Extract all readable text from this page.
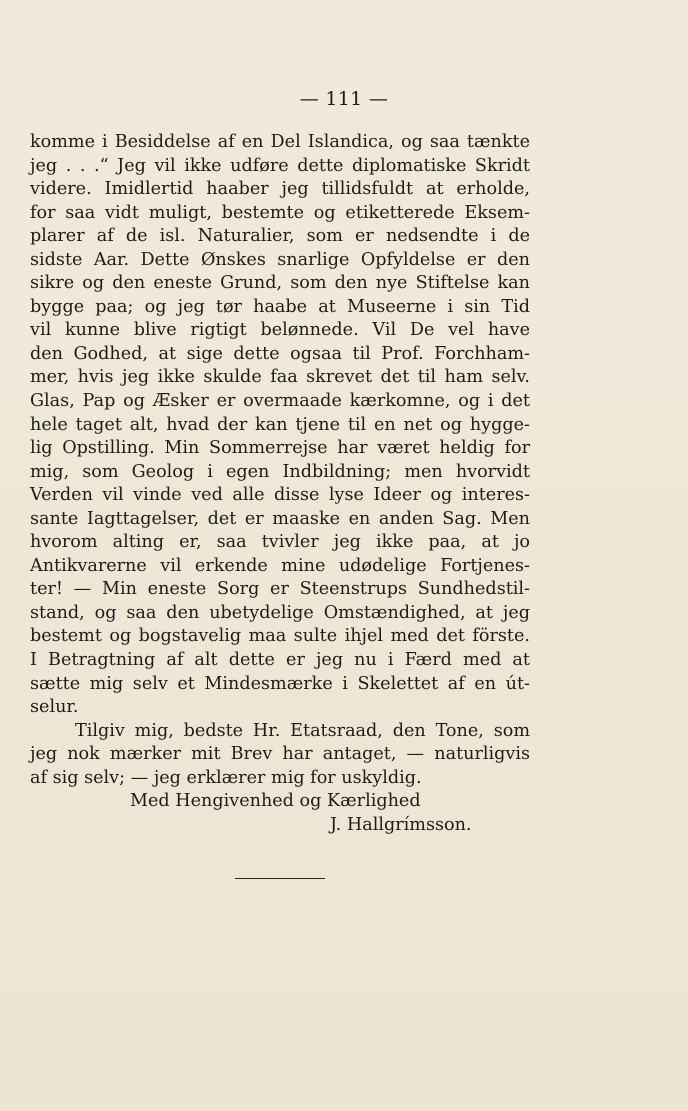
— 111 —
komme i Besiddelse af en Del Islandica, og saa tænkte
jeg . . .“ Jeg vil ikke udføre dette diplomatiske Skridt
videre. Imidlertid haaber jeg tillidsfuldt at erholde,
for saa vidt muligt, bestemte og etiketterede Eksem-
plarer af de isl. Naturalier, som er nedsendte i de
sidste Aar. Dette Ønskes snarlige Opfyldelse er den
sikre og den eneste Grund, som den nye Stiftelse kan
bygge paa; og jeg tør haabe at Museerne i sin Tid
vil kunne blive rigtigt belønnede. Vil De vel have
den Godhed, at sige dette ogsaa til Prof. Forchham-
mer, hvis jeg ikke skulde faa skrevet det til ham selv.
Glas, Pap og Æsker er overmaade kærkomne, og i det
hele taget alt, hvad der kan tjene til en net og hygge-
lig Opstilling. Min Sommerrejse har været heldig for
mig, som Geolog i egen Indbildning; men hvorvidt
Verden vil vinde ved alle disse lyse Ideer og interes-
sante Iagttagelser, det er maaske en anden Sag. Men
hvorom alting er, saa tvivler jeg ikke paa, at jo
Antikvarerne vil erkende mine udødelige Fortjenes-
ter! — Min eneste Sorg er Steenstrups Sundhedstil-
stand, og saa den ubetydelige Omstændighed, at jeg
bestemt og bogstavelig maa sulte ihjel med det förste.
I Betragtning af alt dette er jeg nu i Færd med at
sætte mig selv et Mindesmærke i Skelettet af en út-
selur.
Tilgiv mig, bedste Hr. Etatsraad, den Tone, som
jeg nok mærker mit Brev har antaget, — naturligvis
af sig selv; — jeg erklærer mig for uskyldig.
Med Hengivenhed og Kærlighed
J. Hallgrímsson.
